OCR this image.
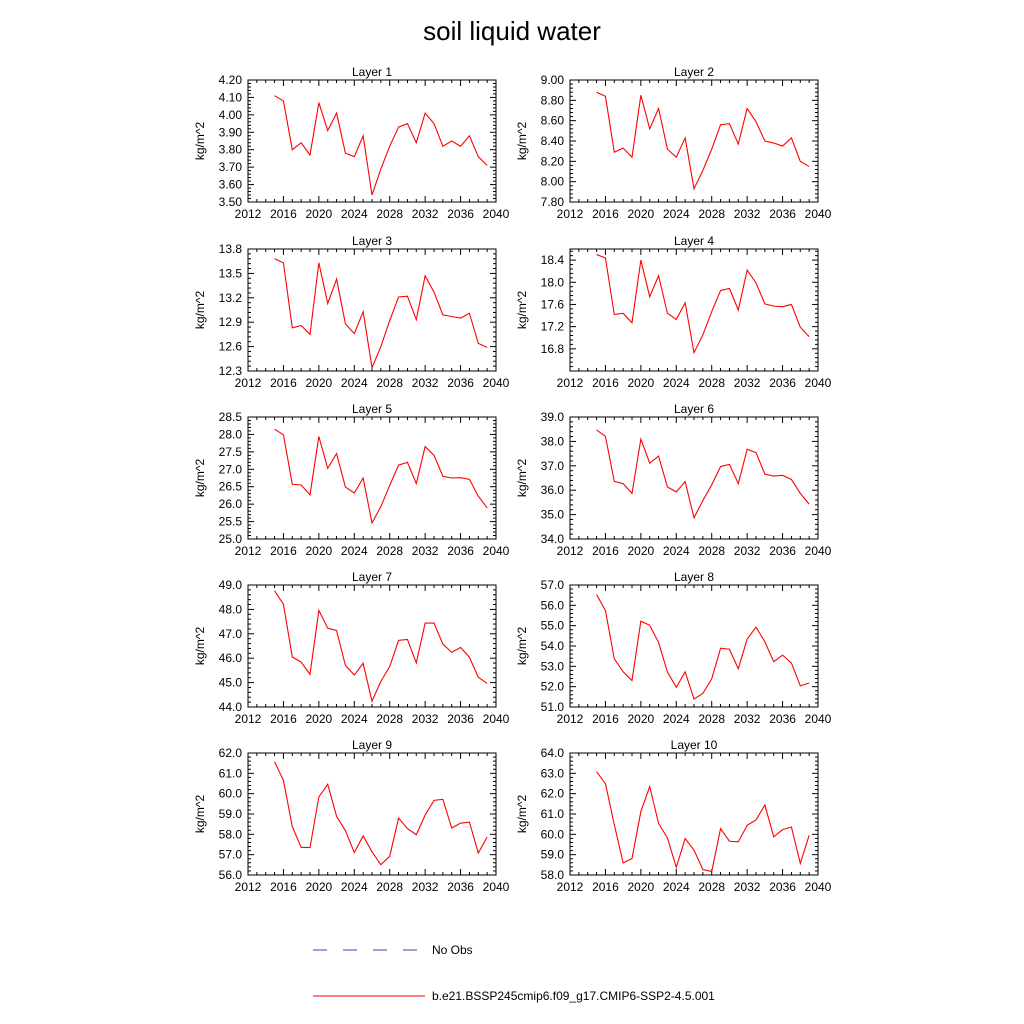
soil liquid water
Layer 1
2012 2016 2020 2024 2028 2032 2036 2040
3.50
3.60
3.70
3.80
3.90
4.00
4.10
4.20
kg/m^2
Layer 2
2012 2016 2020 2024 2028 2032 2036 2040
7.80
8.00
8.20
8.40
8.60
8.80
9.00
kg/m^2
Layer 3
2012 2016 2020 2024 2028 2032 2036 2040
12.3
12.6
12.9
13.2
13.5
13.8
kg/m^2
Layer 4
2012 2016 2020 2024 2028 2032 2036 2040
16.8
17.2
17.6
18.0
18.4
kg/m^2
Layer 5
2012 2016 2020 2024 2028 2032 2036 2040
25.0
25.5
26.0
26.5
27.0
27.5
28.0
28.5
kg/m^2
Layer 6
2012 2016 2020 2024 2028 2032 2036 2040
34.0
35.0
36.0
37.0
38.0
39.0
kg/m^2
Layer 7
2012 2016 2020 2024 2028 2032 2036 2040
44.0
45.0
46.0
47.0
48.0
49.0
kg/m^2
Layer 8
2012 2016 2020 2024 2028 2032 2036 2040
51.0
52.0
53.0
54.0
55.0
56.0
57.0
kg/m^2
Layer 9
2012 2016 2020 2024 2028 2032 2036 2040
56.0
57.0
58.0
59.0
60.0
61.0
62.0
kg/m^2
Layer 10
2012 2016 2020 2024 2028 2032 2036 2040
58.0
59.0
60.0
61.0
62.0
63.0
64.0
kg/m^2
No Obs
b.e21.BSSP245cmip6.f09_g17.CMIP6-SSP2-4.5.001
